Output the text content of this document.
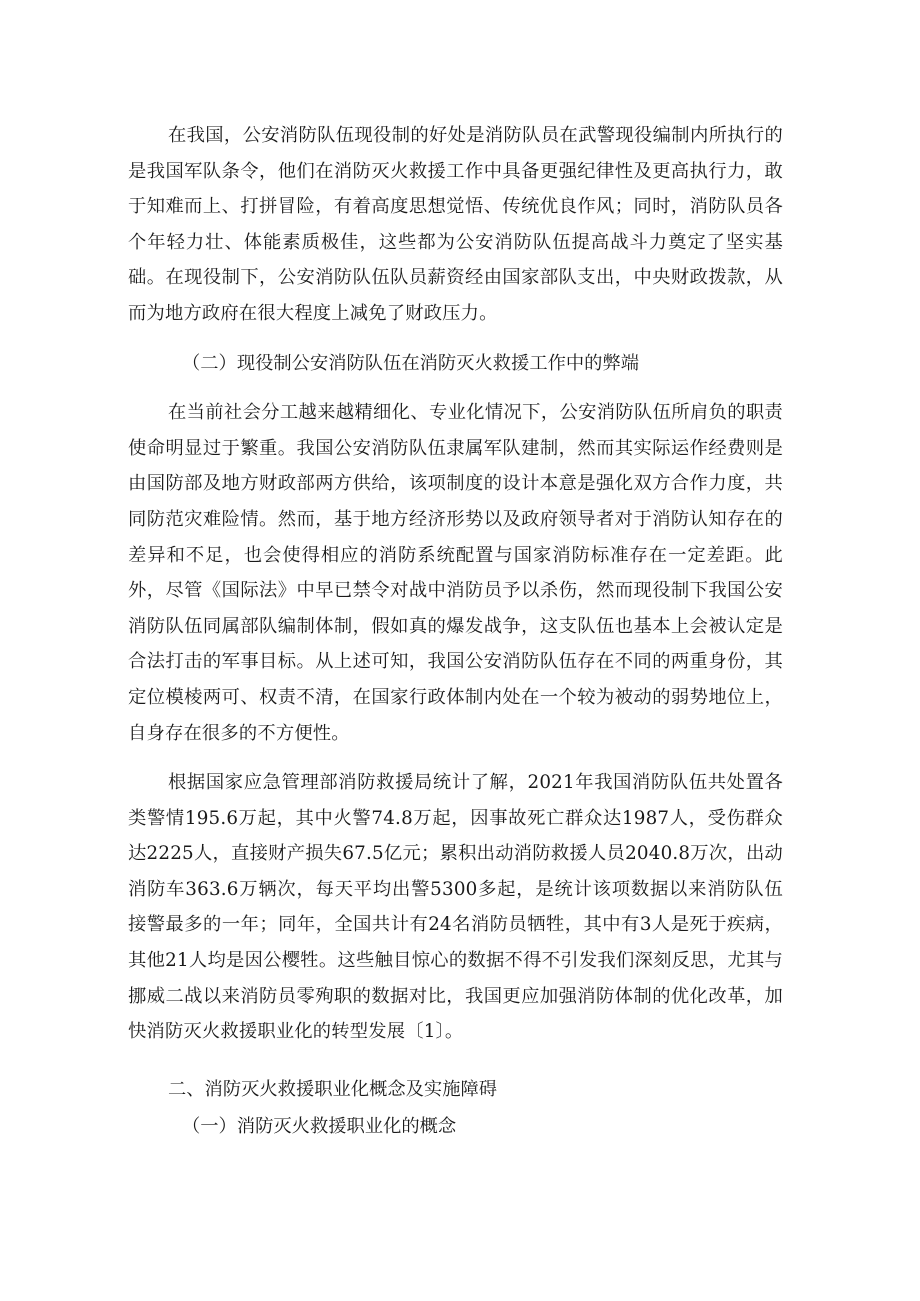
在我国，公安消防队伍现役制的好处是消防队员在武警现役编制内所执行的是我国军队条令，他们在消防灭火救援工作中具备更强纪律性及更高执行力，敢于知难而上、打拼冒险，有着高度思想觉悟、传统优良作风；同时，消防队员各个年轻力壮、体能素质极佳，这些都为公安消防队伍提高战斗力奠定了坚实基础。在现役制下，公安消防队伍队员薪资经由国家部队支出，中央财政拨款，从而为地方政府在很大程度上减免了财政压力。

（二）现役制公安消防队伍在消防灭火救援工作中的弊端

在当前社会分工越来越精细化、专业化情况下，公安消防队伍所肩负的职责使命明显过于繁重。我国公安消防队伍隶属军队建制，然而其实际运作经费则是由国防部及地方财政部两方供给，该项制度的设计本意是强化双方合作力度，共同防范灾难险情。然而，基于地方经济形势以及政府领导者对于消防认知存在的差异和不足，也会使得相应的消防系统配置与国家消防标准存在一定差距。此外，尽管《国际法》中早已禁令对战中消防员予以杀伤，然而现役制下我国公安消防队伍同属部队编制体制，假如真的爆发战争，这支队伍也基本上会被认定是合法打击的军事目标。从上述可知，我国公安消防队伍存在不同的两重身份，其定位模棱两可、权责不清，在国家行政体制内处在一个较为被动的弱势地位上，自身存在很多的不方便性。

根据国家应急管理部消防救援局统计了解，2021年我国消防队伍共处置各类警情195.6万起，其中火警74.8万起，因事故死亡群众达1987人，受伤群众达2225人，直接财产损失67.5亿元；累积出动消防救援人员2040.8万次，出动消防车363.6万辆次，每天平均出警5300多起，是统计该项数据以来消防队伍接警最多的一年；同年，全国共计有24名消防员牺牲，其中有3人是死于疾病，其他21人均是因公樱牲。这些触目惊心的数据不得不引发我们深刻反思，尤其与挪威二战以来消防员零殉职的数据对比，我国更应加强消防体制的优化改革，加快消防灭火救援职业化的转型发展〔1〕。

二、消防灭火救援职业化概念及实施障碍

（一）消防灭火救援职业化的概念
